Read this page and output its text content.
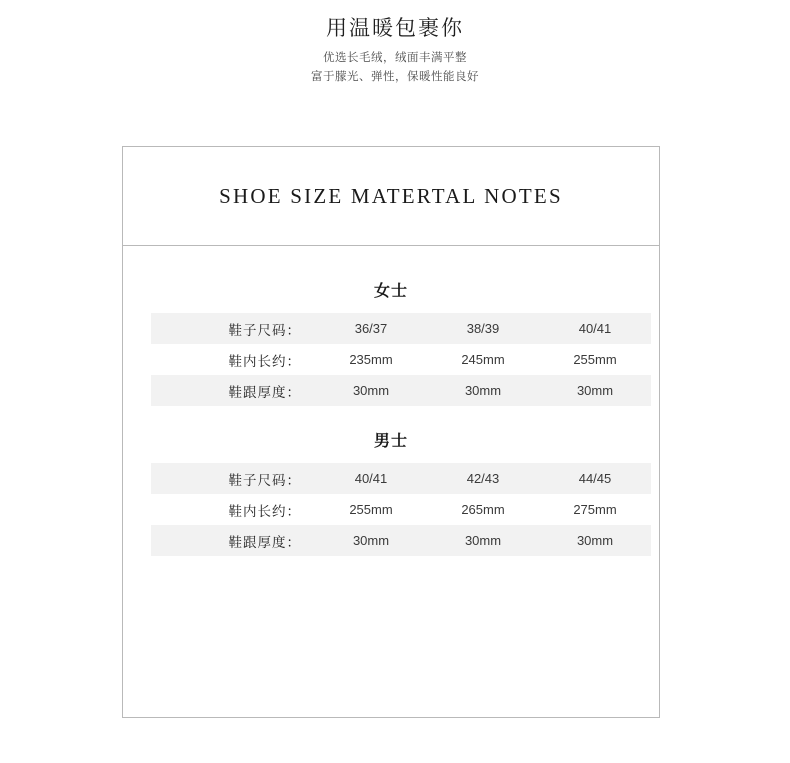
用温暖包裹你

优选长毛绒，绒面丰满平整

富于朦光、弹性，保暖性能良好

SHOE SIZE MATERTAL NOTES
女士
鞋子尺码：	36/37	38/39	40/41
鞋内长约：	235mm	245mm	255mm
鞋跟厚度：	30mm	30mm	30mm
男士
鞋子尺码：	40/41	42/43	44/45
鞋内长约：	255mm	265mm	275mm
鞋跟厚度：	30mm	30mm	30mm
